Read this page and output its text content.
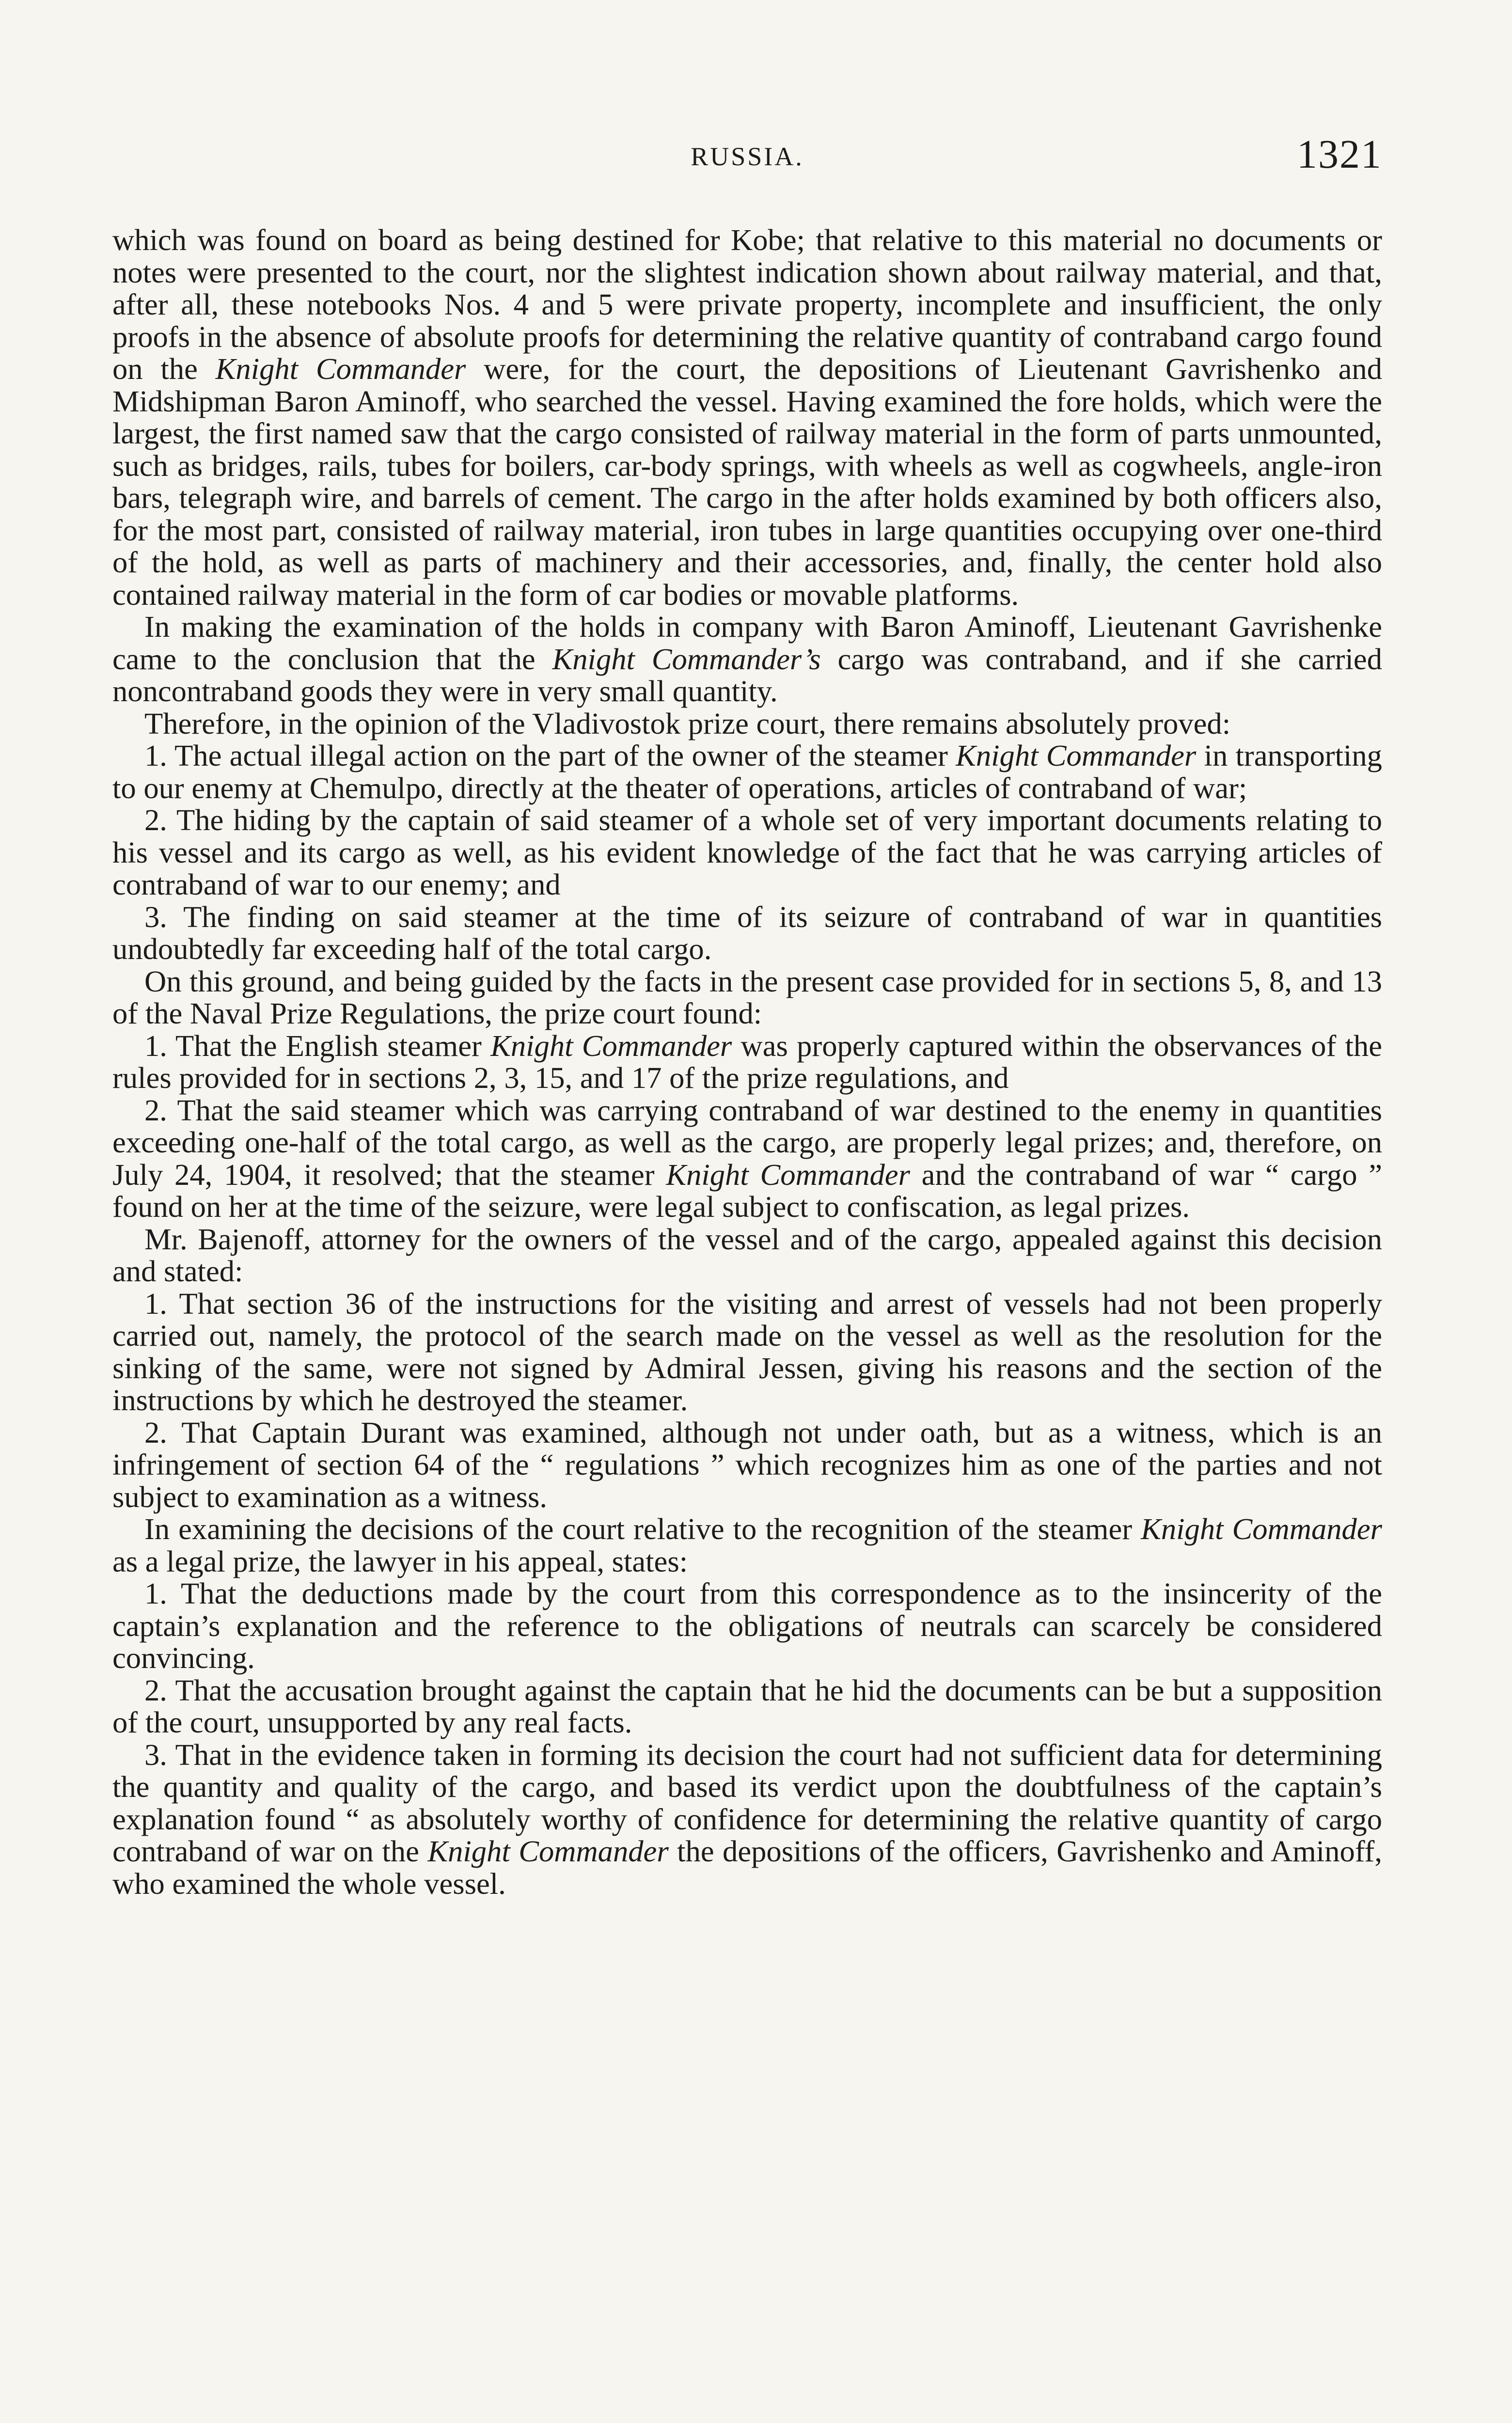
RUSSIA.	1321

which was found on board as being destined for Kobe; that relative to this material no documents or notes were presented to the court, nor the slightest indication shown about railway material, and that, after all, these notebooks Nos. 4 and 5 were private property, incomplete and insufficient, the only proofs in the absence of absolute proofs for determining the relative quantity of contraband cargo found on the Knight Commander were, for the court, the depositions of Lieutenant Gavrishenko and Midshipman Baron Aminoff, who searched the vessel. Having examined the fore holds, which were the largest, the first named saw that the cargo consisted of railway material in the form of parts unmounted, such as bridges, rails, tubes for boilers, car-body springs, with wheels as well as cogwheels, angle-iron bars, telegraph wire, and barrels of cement. The cargo in the after holds examined by both officers also, for the most part, consisted of railway material, iron tubes in large quantities occupying over one-third of the hold, as well as parts of machinery and their accessories, and, finally, the center hold also contained railway material in the form of car bodies or movable platforms.

In making the examination of the holds in company with Baron Aminoff, Lieutenant Gavrishenke came to the conclusion that the Knight Commander’s cargo was contraband, and if she carried noncontraband goods they were in very small quantity.

Therefore, in the opinion of the Vladivostok prize court, there remains absolutely proved:

1. The actual illegal action on the part of the owner of the steamer Knight Commander in transporting to our enemy at Chemulpo, directly at the theater of operations, articles of contraband of war;

2. The hiding by the captain of said steamer of a whole set of very important documents relating to his vessel and its cargo as well, as his evident knowledge of the fact that he was carrying articles of contraband of war to our enemy; and

3. The finding on said steamer at the time of its seizure of contraband of war in quantities undoubtedly far exceeding half of the total cargo.

On this ground, and being guided by the facts in the present case provided for in sections 5, 8, and 13 of the Naval Prize Regulations, the prize court found:

1. That the English steamer Knight Commander was properly captured within the observances of the rules provided for in sections 2, 3, 15, and 17 of the prize regulations, and

2. That the said steamer which was carrying contraband of war destined to the enemy in quantities exceeding one-half of the total cargo, as well as the cargo, are properly legal prizes; and, therefore, on July 24, 1904, it resolved; that the steamer Knight Commander and the contraband of war “ cargo ” found on her at the time of the seizure, were legal subject to confiscation, as legal prizes.

Mr. Bajenoff, attorney for the owners of the vessel and of the cargo, appealed against this decision and stated:

1. That section 36 of the instructions for the visiting and arrest of vessels had not been properly carried out, namely, the protocol of the search made on the vessel as well as the resolution for the sinking of the same, were not signed by Admiral Jessen, giving his reasons and the section of the instructions by which he destroyed the steamer.

2. That Captain Durant was examined, although not under oath, but as a witness, which is an infringement of section 64 of the “ regulations ” which recognizes him as one of the parties and not subject to examination as a witness.

In examining the decisions of the court relative to the recognition of the steamer Knight Commander as a legal prize, the lawyer in his appeal, states:

1. That the deductions made by the court from this correspondence as to the insincerity of the captain’s explanation and the reference to the obligations of neutrals can scarcely be considered convincing.

2. That the accusation brought against the captain that he hid the documents can be but a supposition of the court, unsupported by any real facts.

3. That in the evidence taken in forming its decision the court had not sufficient data for determining the quantity and quality of the cargo, and based its verdict upon the doubtfulness of the captain’s explanation found “ as absolutely worthy of confidence for determining the relative quantity of cargo contraband of war on the Knight Commander the depositions of the officers, Gavrishenko and Aminoff, who examined the whole vessel.
